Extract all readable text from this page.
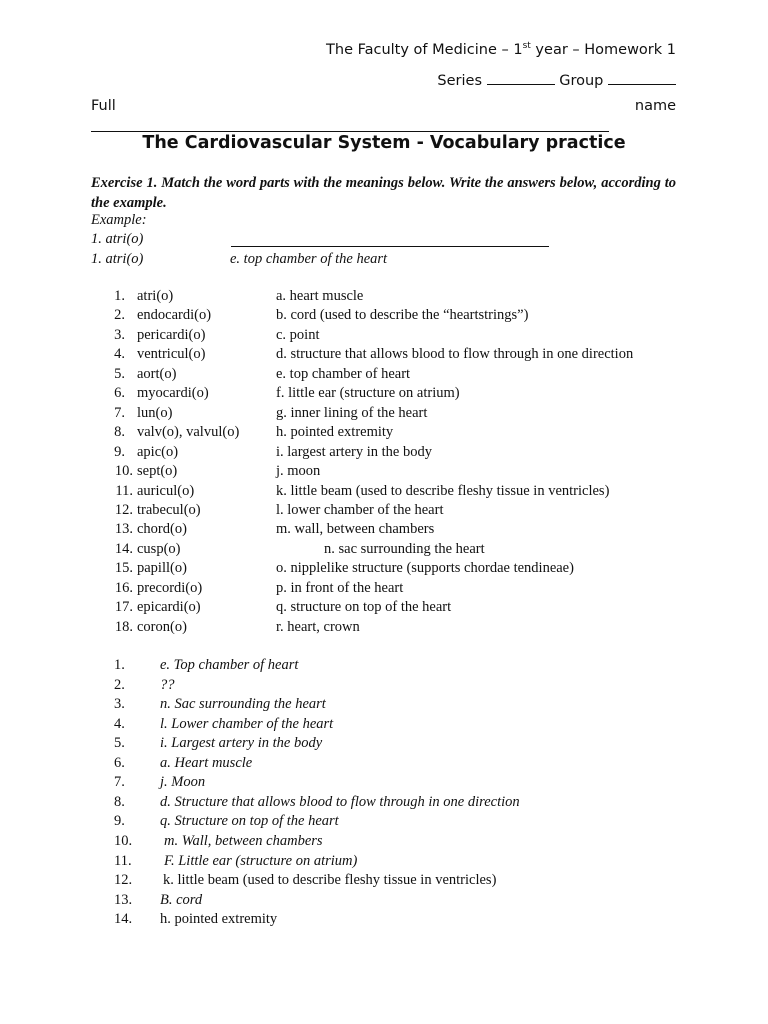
The Faculty of Medicine – 1st year – Homework 1
Series	Group
Full	name
The Cardiovascular System - Vocabulary practice
Exercise 1. Match the word parts with the meanings below. Write the answers below, according to the example.
Example:
1. atri(o)
1. atri(o)	e. top chamber of the heart
1. atri(o)	a. heart muscle
2. endocardi(o)	b. cord (used to describe the “heartstrings”)
3. pericardi(o)	c. point
4. ventricul(o)	d. structure that allows blood to flow through in one direction
5. aort(o)	e. top chamber of heart
6. myocardi(o)	f. little ear (structure on atrium)
7. lun(o)	g. inner lining of the heart
8. valv(o), valvul(o)	h. pointed extremity
9. apic(o)	i. largest artery in the body
10. sept(o)	j. moon
11. auricul(o)	k. little beam (used to describe fleshy tissue in ventricles)
12. trabecul(o)	l. lower chamber of the heart
13. chord(o)	m. wall, between chambers
14. cusp(o)	n. sac surrounding the heart
15. papill(o)	o. nipplelike structure (supports chordae tendineae)
16. precordi(o)	p. in front of the heart
17. epicardi(o)	q. structure on top of the heart
18. coron(o)	r. heart, crown
1. e. Top chamber of heart
2. ??
3. n. Sac surrounding the heart
4. l. Lower chamber of the heart
5. i. Largest artery in the body
6. a. Heart muscle
7. j. Moon
8. d. Structure that allows blood to flow through in one direction
9. q. Structure on top of the heart
10. m. Wall, between chambers
11. F. Little ear (structure on atrium)
12. k. little beam (used to describe fleshy tissue in ventricles)
13. B. cord
14. h. pointed extremity
